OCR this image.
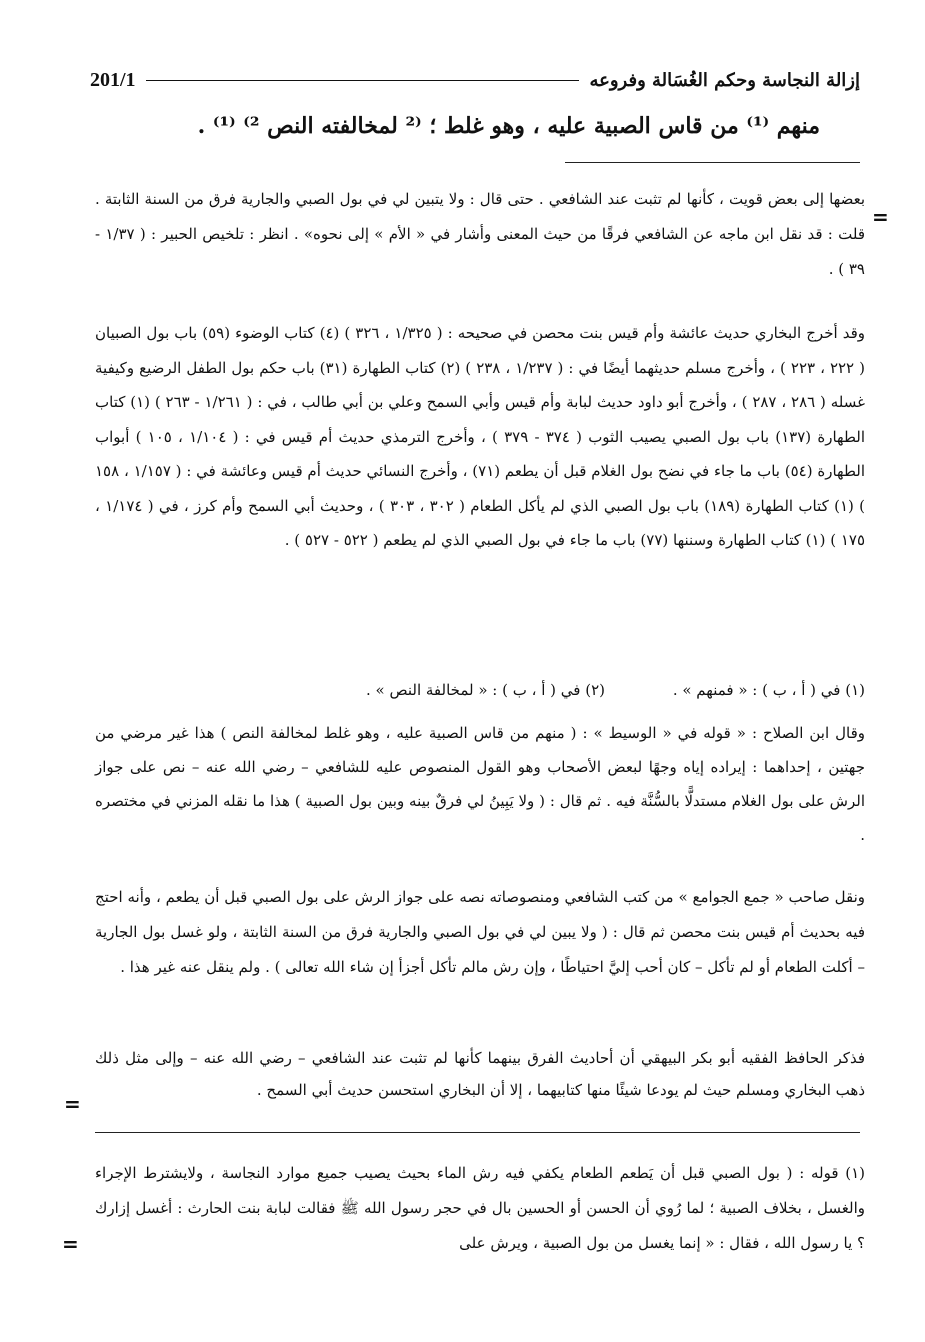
إزالة النجاسة وحكم الغُسَالة وفروعه
201/1
منهم ⁽¹⁾ من قاس الصبية عليه ، وهو غلط ؛ ⁽² لمخالفته النص ²⁾ ⁽¹⁾ .
=

بعضها إلى بعض قويت ، كأنها لم تثبت عند الشافعي . حتى قال : ولا يتبين لي في بول الصبي والجارية فرق من السنة الثابتة . قلت : قد نقل ابن ماجه عن الشافعي فرقًا من حيث المعنى وأشار في « الأم » إلى نحوه» . انظر : تلخيص الحبير : ( ١/٣٧ - ٣٩ ) .

وقد أخرج البخاري حديث عائشة وأم قيس بنت محصن في صحيحه : ( ١/٣٢٥ ، ٣٢٦ ) (٤) كتاب الوضوء (٥٩) باب بول الصبيان ( ٢٢٢ ، ٢٢٣ ) ، وأخرج مسلم حديثهما أيضًا في : ( ١/٢٣٧ ، ٢٣٨ ) (٢) كتاب الطهارة (٣١) باب حكم بول الطفل الرضيع وكيفية غسله ( ٢٨٦ ، ٢٨٧ ) ، وأخرج أبو داود حديث لبابة وأم قيس وأبي السمح وعلي بن أبي طالب ، في : ( ١/٢٦١ - ٢٦٣ ) (١) كتاب الطهارة (١٣٧) باب بول الصبي يصيب الثوب ( ٣٧٤ - ٣٧٩ ) ، وأخرج الترمذي حديث أم قيس في : ( ١/١٠٤ ، ١٠٥ ) أبواب الطهارة (٥٤) باب ما جاء في نضح بول الغلام قبل أن يطعم (٧١) ، وأخرج النسائي حديث أم قيس وعائشة في : ( ١/١٥٧ ، ١٥٨ ) (١) كتاب الطهارة (١٨٩) باب بول الصبي الذي لم يأكل الطعام ( ٣٠٢ ، ٣٠٣ ) ، وحديث أبي السمح وأم كرز ، في ( ١/١٧٤ ، ١٧٥ ) (١) كتاب الطهارة وسننها (٧٧) باب ما جاء في بول الصبي الذي لم يطعم ( ٥٢٢ - ٥٢٧ ) .

(١) في ( أ ، ب ) : « فمنهم » .
(٢) في ( أ ، ب ) : « لمخالفة النص » .

وقال ابن الصلاح : « قوله في « الوسيط » : ( منهم من قاس الصبية عليه ، وهو غلط لمخالفة النص ) هذا غير مرضي من جهتين ، إحداهما : إيراده إياه وجهًا لبعض الأصحاب وهو القول المنصوص عليه للشافعي – رضي الله عنه – نص على جواز الرش على بول الغلام مستدلًّا بالسُّنَّة فيه . ثم قال : ( ولا يَبِينُ لي فرقٌ بينه وبين بول الصبية ) هذا ما نقله المزني في مختصره .

ونقل صاحب « جمع الجوامع » من كتب الشافعي ومنصوصاته نصه على جواز الرش على بول الصبي قبل أن يطعم ، وأنه احتج فيه بحديث أم قيس بنت محصن ثم قال : ( ولا يبين لي في بول الصبي والجارية فرق من السنة الثابتة ، ولو غسل بول الجارية – أكلت الطعام أو لم تأكل – كان أحب إليَّ احتياطًا ، وإن رش مالم تأكل أجزأ إن شاء الله تعالى ) . ولم ينقل عنه غير هذا .

فذكر الحافظ الفقيه أبو بكر البيهقي أن أحاديث الفرق بينهما كأنها لم تثبت عند الشافعي – رضي الله عنه – وإلى مثل ذلك ذهب البخاري ومسلم حيث لم يودعا شيئًا منها كتابيهما ، إلا أن البخاري استحسن حديث أبي السمح .

=

(١) قوله : ( بول الصبي قبل أن يَطعم الطعام يكفي فيه رش الماء بحيث يصيب جميع موارد النجاسة ، ولايشترط الإجراء والغسل ، بخلاف الصبية ؛ لما رُوي أن الحسن أو الحسين بال في حجر رسول الله ﷺ فقالت لبابة بنت الحارث : أغسل إزارك ؟ يا رسول الله ، فقال : « إنما يغسل من بول الصبية ، ويرش على

=
